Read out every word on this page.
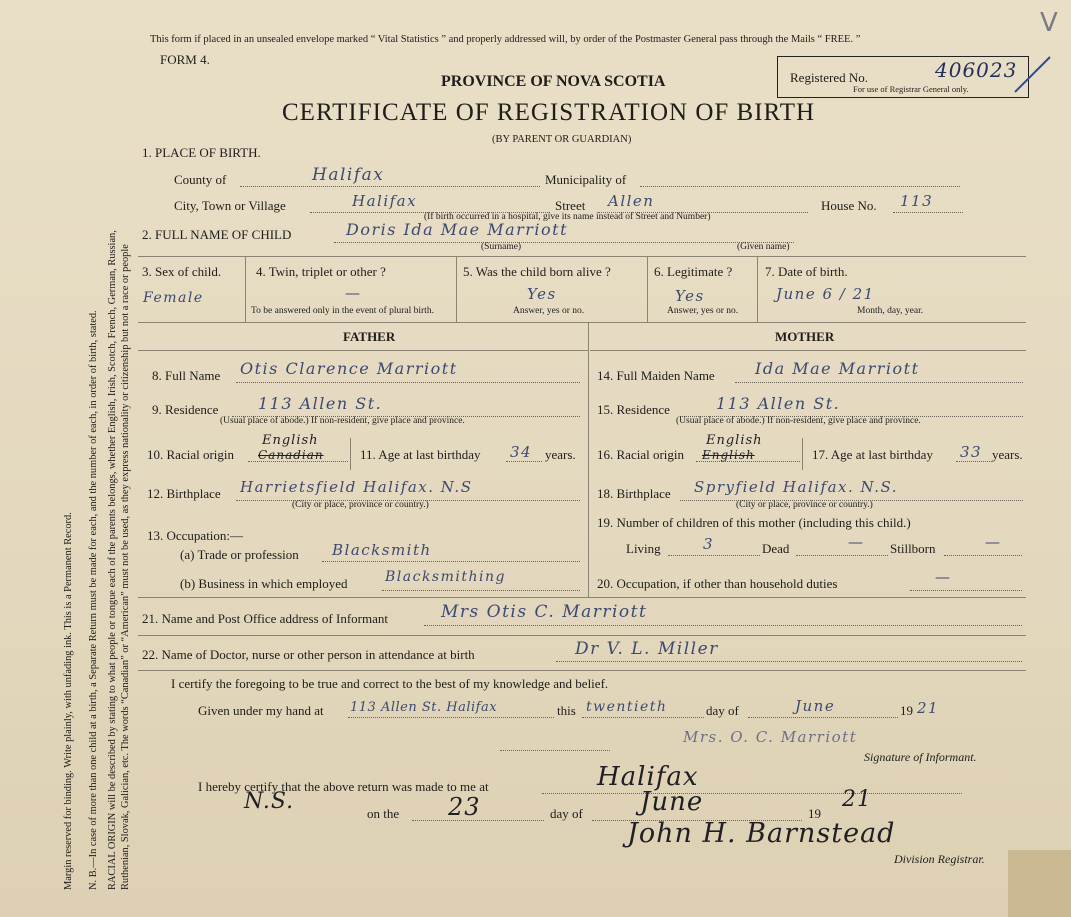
Margin reserved for binding. Write plainly, with unfading ink. This is a Permanent Record. N. B.—In case of more than one child at a birth, a Separate Return must be made for each, and the number of each, in order of birth, stated. RACIAL ORIGIN will be described by stating to what people or tongue each of the parents belongs, whether English, Irish, Scotch, French, German, Russian, Ruthenian, Slovak, Galician, etc. The words “Canadian” or “American” must not be used, as they express nationality or citizenship but not a race or people
This form if placed in an unsealed envelope marked “ Vital Statistics ” and properly addressed will, by order of the Postmaster General pass through the Mails “ FREE. ”
FORM 4.
PROVINCE OF NOVA SCOTIA
CERTIFICATE OF REGISTRATION OF BIRTH
(BY PARENT OR GUARDIAN)
Registered No.	406023
For use of Registrar General only.
V
1. PLACE OF BIRTH.
County of	Halifax	Municipality of
City, Town or Village	Halifax	Street Allen
(If birth occurred in a hospital, give its name instead of Street and Number)
House No. 113
2. FULL NAME OF CHILD	Doris Ida Mae Marriott
(Surname)	(Given name)
3. Sex of child.
Female
4. Twin, triplet or other ?
—
To be answered only in the event of plural birth.
5. Was the child born alive ?
Yes
Answer, yes or no.
6. Legitimate ?
Yes
Answer, yes or no.
7. Date of birth.
June 6 / 21
Month, day, year.
FATHER	MOTHER
8. Full Name Otis Clarence Marriott
9. Residence 113 Allen St.
(Usual place of abode.) If non-resident, give place and province.
10. Racial origin
English
Canadian	11. Age at last birthday 34 years.
12. Birthplace Harrietsfield Halifax. N.S
(City or place, province or country.)
13. Occupation:—
(a) Trade or profession Blacksmith
(b) Business in which employed	Blacksmithing
14. Full Maiden Name	Ida Mae Marriott
15. Residence	113 Allen St.
(Usual place of abode.) If non-resident, give place and province.
16. Racial origin
English
English	17. Age at last birthday 33 years.
18. Birthplace Spryfield Halifax. N.S.
(City or place, province or country.)
19. Number of children of this mother (including this child.)
Living	3	Dead	— Stillborn	—
20. Occupation, if other than household duties	—
21. Name and Post Office address of Informant	Mrs Otis C. Marriott
22. Name of Doctor, nurse or other person in attendance at birth	Dr V. L. Miller
I certify the foregoing to be true and correct to the best of my knowledge and belief.
Given under my hand at 113 Allen St. Halifax	this twentieth	day of	June	19 21
Mrs. O. C. Marriott
Signature of Informant.
I hereby certify that the above return was made to me at	Halifax
N.S.	on the 23	day of June	19
21
John H. Barnstead
Division Registrar.
